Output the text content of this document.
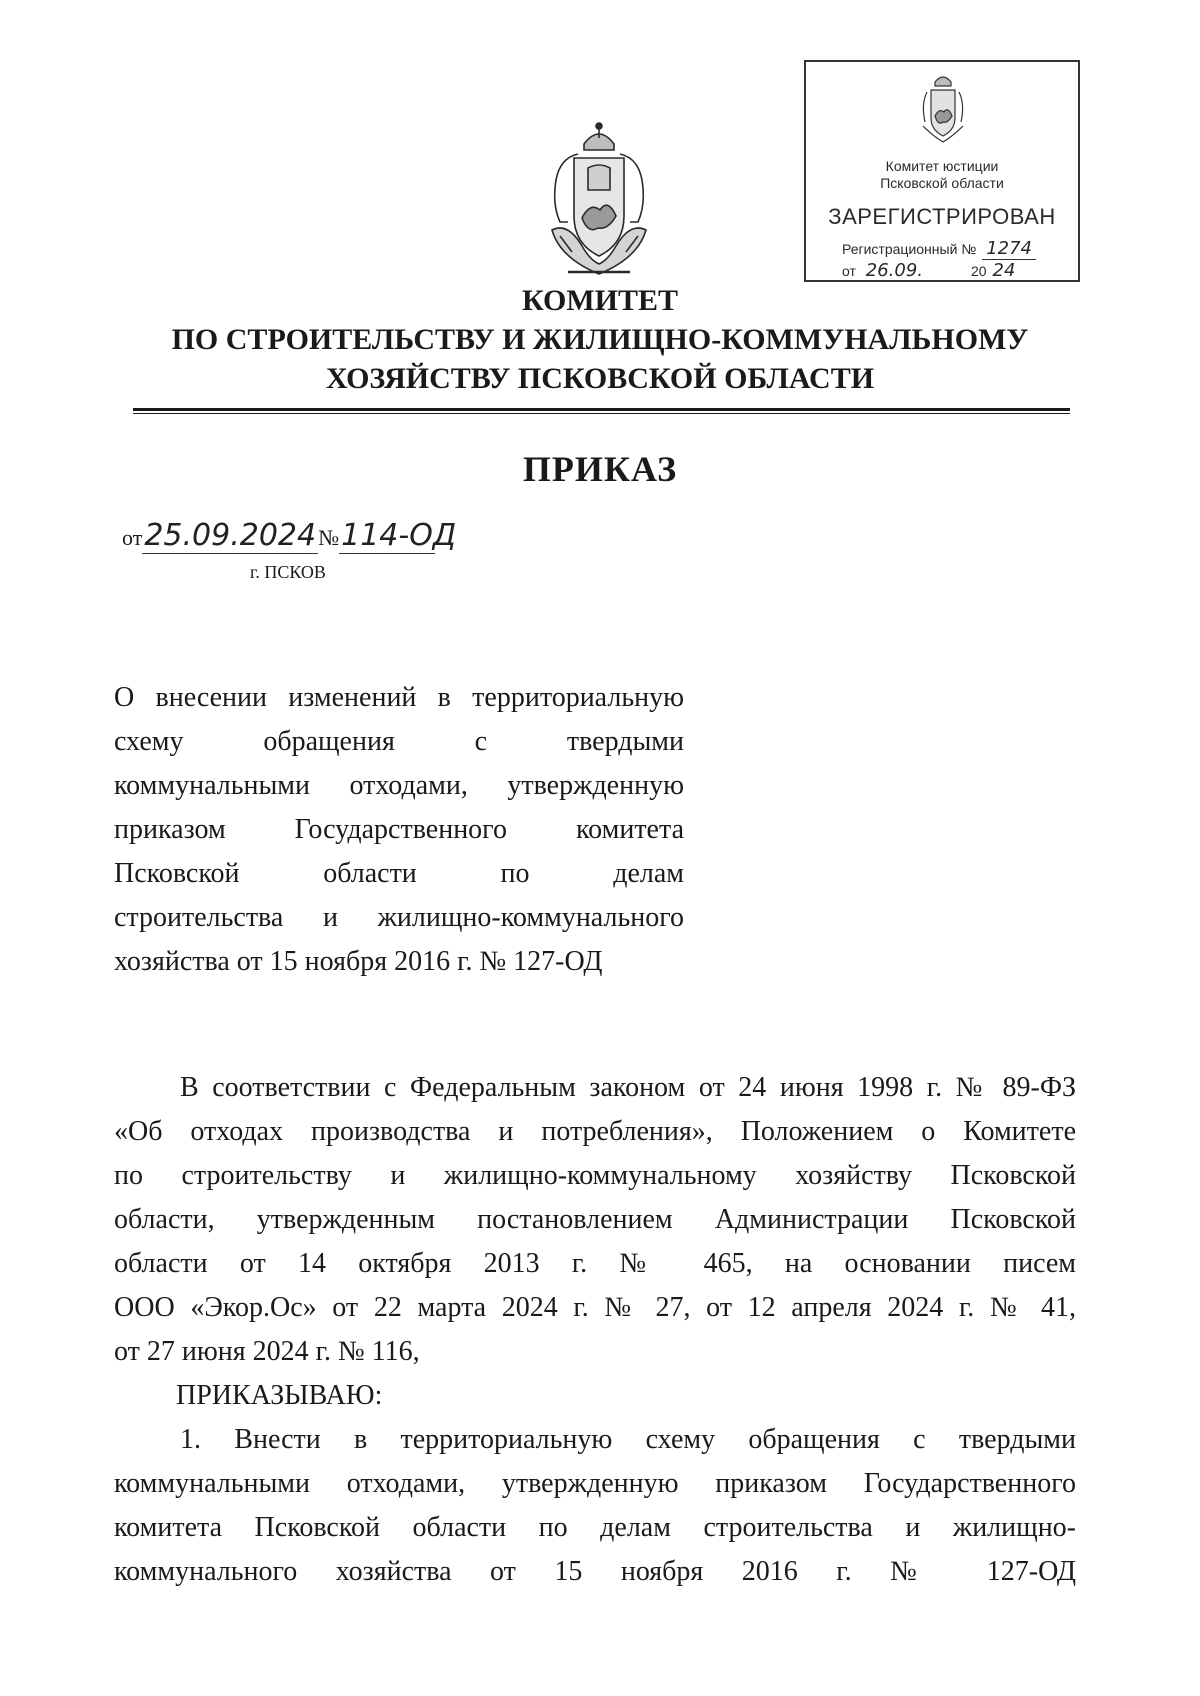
Комитет юстиции
Псковской области
ЗАРЕГИСТРИРОВАН
Регистрационный № 1274
от 26.09.	20 24
КОМИТЕТ
ПО СТРОИТЕЛЬСТВУ И ЖИЛИЩНО-КОММУНАЛЬНОМУ
ХОЗЯЙСТВУ ПСКОВСКОЙ ОБЛАСТИ
ПРИКАЗ
от25.09.2024№114-ОД
г. ПСКОВ
О внесении изменений в территориальную
схему обращения с твердыми
коммунальными отходами, утвержденную
приказом Государственного комитета
Псковской области по делам
строительства и жилищно-коммунального
хозяйства от 15 ноября 2016 г. № 127-ОД
В соответствии с Федеральным законом от 24 июня 1998 г. № 89-ФЗ
«Об отходах производства и потребления», Положением о Комитете
по строительству и жилищно-коммунальному хозяйству Псковской
области, утвержденным постановлением Администрации Псковской
области от 14 октября 2013 г. № 465, на основании писем
ООО «Экор.Ос» от 22 марта 2024 г. № 27, от 12 апреля 2024 г. № 41,
от 27 июня 2024 г. № 116,
ПРИКАЗЫВАЮ:
1. Внести в территориальную схему обращения с твердыми
коммунальными отходами, утвержденную приказом Государственного
комитета Псковской области по делам строительства и жилищно-
коммунального хозяйства от 15 ноября 2016 г. № 127-ОД
